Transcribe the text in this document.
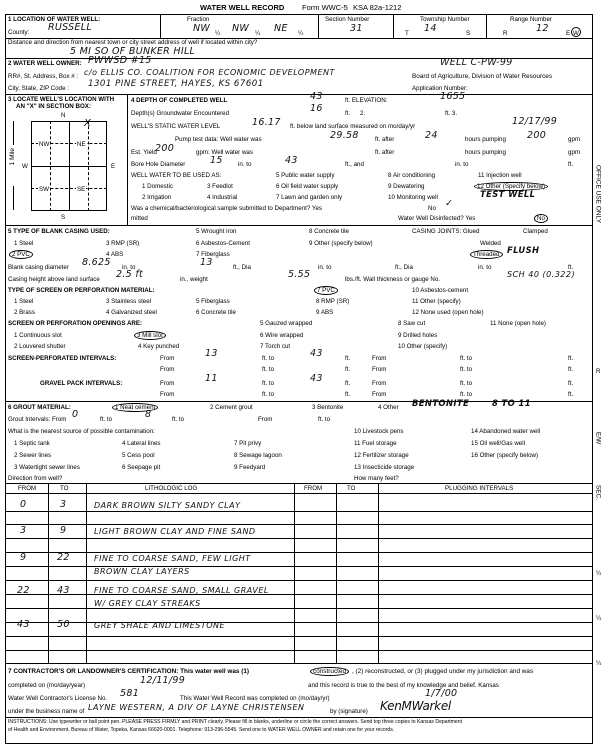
WATER WELL RECORD Form WWC-5 KSA 82a-1212
1 LOCATION OF WATER WELL:	Fraction	Section Number	Township Number	Range Number
County: RUSSELL	NW ¼ NW ¼ NE ¼	31	T 14	S	R	12	E W
Distance and direction from nearest town or city street address of well if located within city?
5 MI SO OF BUNKER HILL
2 WATER WELL OWNER: PWWSD #15	WELL C-PW-99
RR#, St. Address, Box # : c/o ELLIS CO. COALITION FOR ECONOMIC DEVELOPMENT	Board of Agriculture, Division of Water Resources
City, State, ZIP Code : 1301 PINE STREET, HAYES, KS 67601	Application Number:
3 LOCATE WELL'S LOCATION WITH
AN "X" IN SECTION BOX:
N
S
W	E
NW	NE
SW	SE
X
1 Mile
4 DEPTH OF COMPLETED WELL	43	ft. ELEVATION:	1655
Depth(s) Groundwater Encountered	16	ft. 2.	ft. 3.
WELL'S STATIC WATER LEVEL	16.17 ft. below land surface measured on mo/day/yr	12/17/99
Pump test data: Well water was	29.58	ft. after	24	hours pumping 200	gpm
Est. Yield
200	gpm: Well water was	ft. after	hours pumping	gpm
Bore Hole Diameter	15 in. to	43	ft., and	in. to	ft.
WELL WATER TO BE USED AS:
1 Domestic
2 Irrigation
3 Feedlot
4 Industrial
5 Public water supply
6 Oil field water supply
7 Lawn and garden only
8 Air conditioning
9 Dewatering
10 Monitoring well
11 Injection well
12 Other (Specify below)
TEST WELL
Was a chemical/bacteriological sample submitted to Department? Yes	No ✓
mitted	Water Well Disinfected? Yes	No
5 TYPE OF BLANK CASING USED:	5 Wrought iron	8 Concrete tile	CASING JOINTS: Glued	Clamped
1 Steel	3 RMP (SR)	6 Asbestos-Cement	9 Other (specify below)	Welded
2 PVC	4 ABS	7 Fiberglass	Threaded FLUSH
Blank casing diameter 8.625 in. to	13	ft., Dia	in. to	ft., Dia	in. to	ft.
Casing height above land surface 2.5 ft	in., weight	5.55	lbs./ft. Wall thickness or gauge No.
SCH 40 (0.322)
TYPE OF SCREEN OR PERFORATION MATERIAL:	7 PVC	10 Asbestos-cement
1 Steel	3 Stainless steel	5 Fiberglass	8 RMP (SR)	11 Other (specify)
2 Brass	4 Galvanized steel	6 Concrete tile	9 ABS	12 None used (open hole)
SCREEN OR PERFORATION OPENINGS ARE:	5 Gauzed wrapped	8 Saw cut	11 None (open hole)
1 Continuous slot	3 Mill slot	6 Wire wrapped	9 Drilled holes
2 Louvered shutter	4 Key punched	7 Torch cut	10 Other (specify)
SCREEN-PERFORATED INTERVALS:	From	13	ft. to	43	ft.	From	ft. to	ft.
From	ft. to	ft.	From	ft. to	ft.
GRAVEL PACK INTERVALS:	From	11	ft. to	43	ft.	From	ft. to	ft.
From	ft. to	ft.	From	ft. to	ft.
6 GROUT MATERIAL:	1 Neat cement	2 Cement grout	3 Bentonite	4 Other BENTONITE	8 TO 11
Grout Intervals: From 0	ft. to	8	ft. to	From	ft. to
What is the nearest source of possible contamination:
1 Septic tank
2 Sewer lines
3 Watertight sewer lines
4 Lateral lines
5 Cess pool
6 Seepage pit
7 Pit privy
8 Sewage lagoon
9 Feedyard
10 Livestock pens
11 Fuel storage
12 Fertilizer storage
13 Insecticide storage
14 Abandoned water well
15 Oil well/Gas well
16 Other (specify below)
Direction from well?	How many feet?
FROM	TO	LITHOLOGIC LOG	FROM	TO	PLUGGING INTERVALS
0	3	DARK BROWN SILTY SANDY CLAY
3	9	LIGHT BROWN CLAY AND FINE SAND
9	22	FINE TO COARSE SAND, FEW LIGHT
BROWN CLAY LAYERS
22	43	FINE TO COARSE SAND, SMALL GRAVEL
W/ GREY CLAY STREAKS
43	50	GREY SHALE AND LIMESTONE
7 CONTRACTOR'S OR LANDOWNER'S CERTIFICATION: This water well was (1)	constructed , (2) reconstructed, or (3) plugged under my jurisdiction and was
completed on (mo/day/year)	12/11/99	and this record is true to the best of my knowledge and belief. Kansas
Water Well Contractor's License No. 581	This Water Well Record was completed on (mo/day/yr)	1/7/00
under the business name of LAYNE WESTERN, A DIV OF LAYNE CHRISTENSEN	by (signature) KenMWarkel
INSTRUCTIONS: Use typewriter or ball point pen. PLEASE PRESS FIRMLY and PRINT clearly. Please fill in blanks, underline or circle the correct answers. Send top three copies to Kansas Department
of Health and Environment, Bureau of Water, Topeka, Kansas 66620-0001. Telephone: 913-296-5545. Send one to WATER WELL OWNER and retain one for your records.
OFFICE USE ONLY
R
E/W
SEC.
¼
¼
¼
